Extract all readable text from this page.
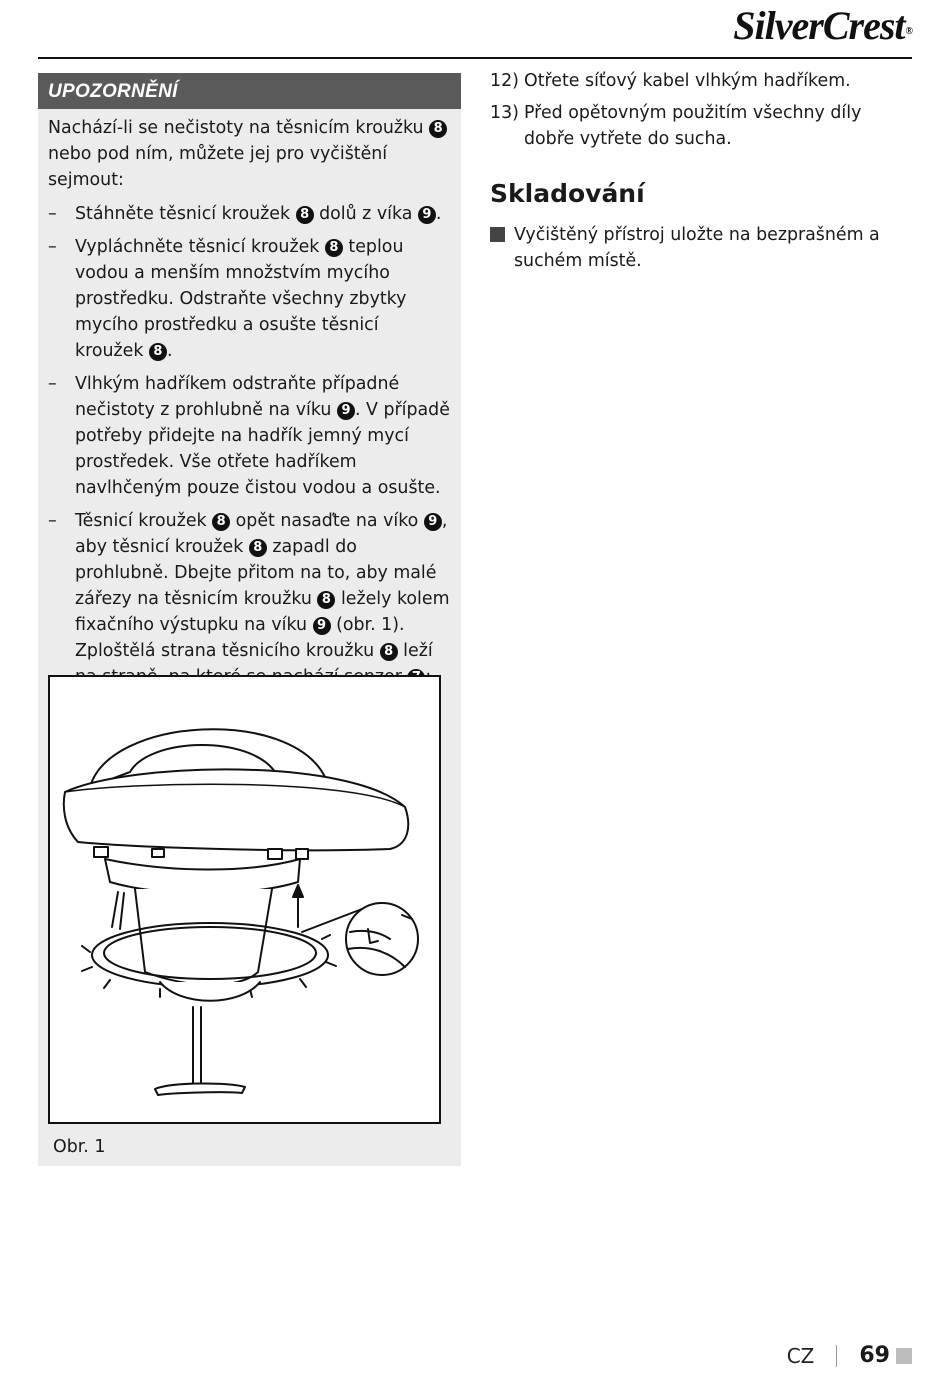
SilverCrest®
UPOZORNĚNÍ

Nachází-li se nečistoty na těsnicím kroužku 8 nebo pod ním, můžete jej pro vyčištění sejmout:

– Stáhněte těsnicí kroužek 8 dolů z víka 9 .
– Vypláchněte těsnicí kroužek 8 teplou vodou a menším množstvím mycího prostředku. Odstraňte všechny zbytky mycího prostředku a osušte těsnicí kroužek 8 .
– Vlhkým hadříkem odstraňte případné nečistoty z prohlubně na víku 9 . V případě potřeby přidejte na hadřík jemný mycí prostředek. Vše otřete hadříkem navlhčeným pouze čistou vodou a osušte.
– Těsnicí kroužek 8 opět nasaďte na víko 9 , aby těsnicí kroužek 8 zapadl do prohlubně. Dbejte přitom na to, aby malé zářezy na těsnicím kroužku 8 ležely kolem fixačního výstupku na víku 9 (obr. 1). Zploštělá strana těsnicího kroužku 8 leží
Obr. 1
12) Otřete síťový kabel vlhkým hadříkem.
13) Před opětovným použitím všechny díly dobře vytřete do sucha.
Skladování
Vyčištěný přístroj uložte na bezprašném a suchém místě.
CZ 69
